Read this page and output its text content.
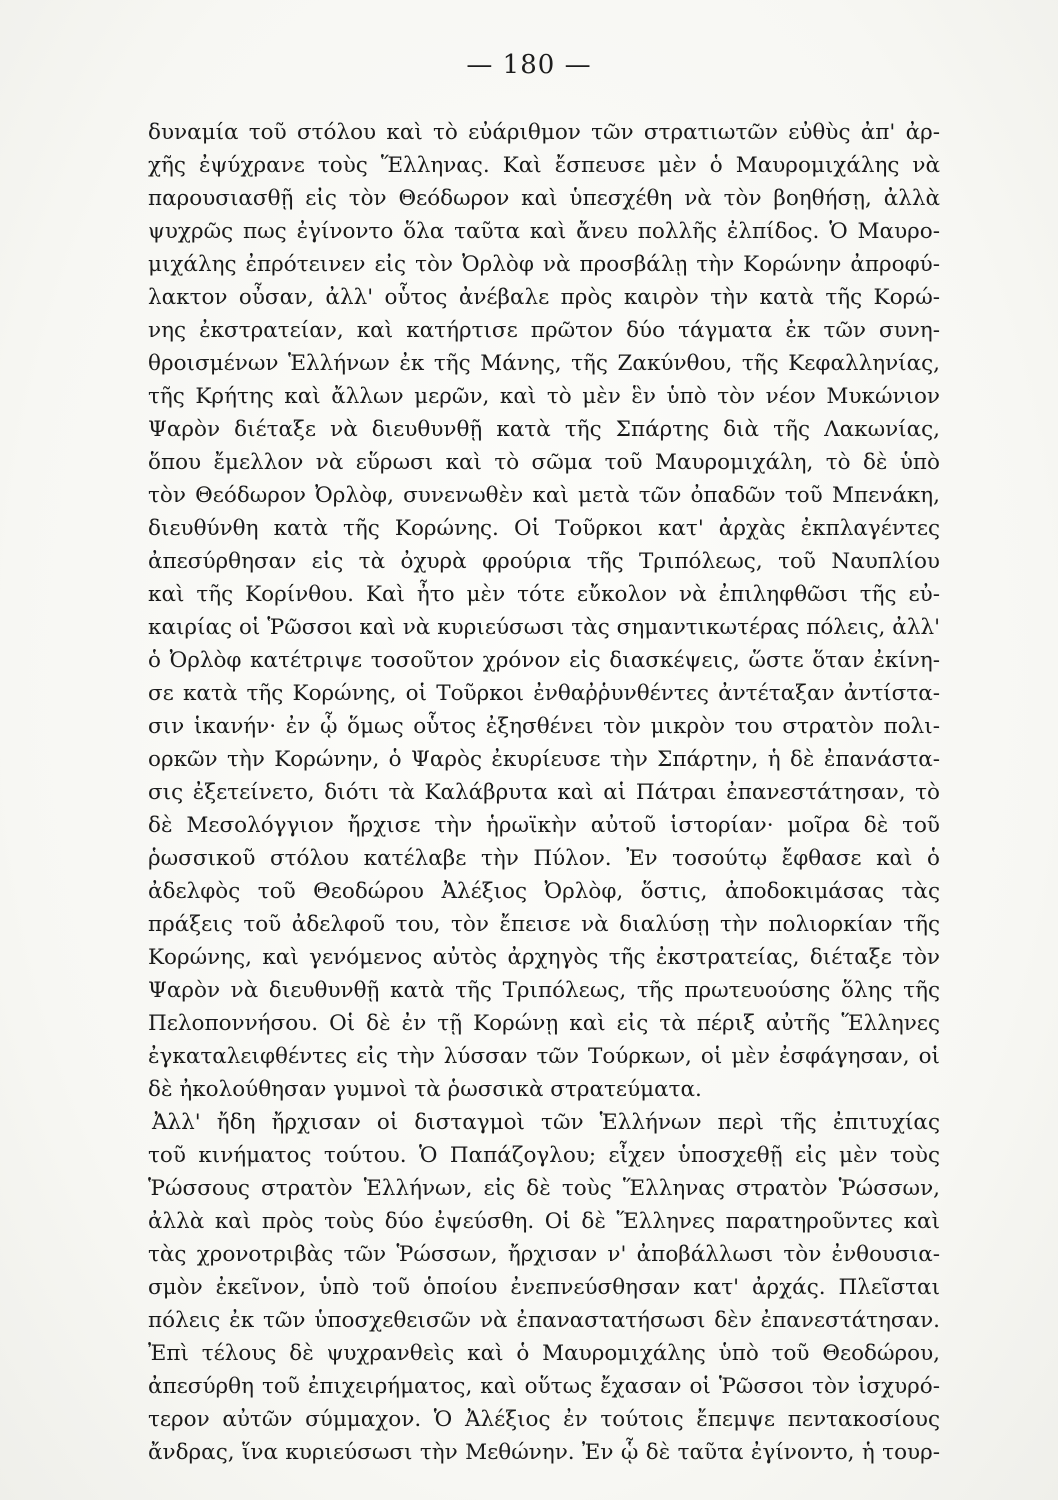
— 180 —
δυναμία τοῦ στόλου καὶ τὸ εὐάριθμον τῶν στρατιωτῶν εὐθὺς ἀπ' ἀρ-
χῆς ἐψύχρανε τοὺς Ἕλληνας. Καὶ ἔσπευσε μὲν ὁ Μαυρομιχάλης νὰ
παρουσιασθῇ εἰς τὸν Θεόδωρον καὶ ὑπεσχέθη νὰ τὸν βοηθήσῃ, ἀλλὰ
ψυχρῶς πως ἐγίνοντο ὅλα ταῦτα καὶ ἄνευ πολλῆς ἐλπίδος. Ὁ Μαυρο-
μιχάλης ἐπρότεινεν εἰς τὸν Ὀρλὸφ νὰ προσβάλῃ τὴν Κορώνην ἀπροφύ-
λακτον οὖσαν, ἀλλ' οὗτος ἀνέβαλε πρὸς καιρὸν τὴν κατὰ τῆς Κορώ-
νης ἐκστρατείαν, καὶ κατήρτισε πρῶτον δύο τάγματα ἐκ τῶν συνη-
θροισμένων Ἑλλήνων ἐκ τῆς Μάνης, τῆς Ζακύνθου, τῆς Κεφαλληνίας,
τῆς Κρήτης καὶ ἄλλων μερῶν, καὶ τὸ μὲν ἓν ὑπὸ τὸν νέον Μυκώνιον
Ψαρὸν διέταξε νὰ διευθυνθῇ κατὰ τῆς Σπάρτης διὰ τῆς Λακωνίας,
ὅπου ἔμελλον νὰ εὕρωσι καὶ τὸ σῶμα τοῦ Μαυρομιχάλη, τὸ δὲ ὑπὸ
τὸν Θεόδωρον Ὀρλὸφ, συνενωθὲν καὶ μετὰ τῶν ὀπαδῶν τοῦ Μπενάκη,
διευθύνθη κατὰ τῆς Κορώνης. Οἱ Τοῦρκοι κατ' ἀρχὰς ἐκπλαγέντες
ἀπεσύρθησαν εἰς τὰ ὀχυρὰ φρούρια τῆς Τριπόλεως, τοῦ Ναυπλίου
καὶ τῆς Κορίνθου. Καὶ ἦτο μὲν τότε εὔκολον νὰ ἐπιληφθῶσι τῆς εὐ-
καιρίας οἱ Ῥῶσσοι καὶ νὰ κυριεύσωσι τὰς σημαντικωτέρας πόλεις, ἀλλ'
ὁ Ὀρλὸφ κατέτριψε τοσοῦτον χρόνον εἰς διασκέψεις, ὥστε ὅταν ἐκίνη-
σε κατὰ τῆς Κορώνης, οἱ Τοῦρκοι ἐνθαῤῥυνθέντες ἀντέταξαν ἀντίστα-
σιν ἱκανήν· ἐν ᾧ ὅμως οὗτος ἐξησθένει τὸν μικρὸν του στρατὸν πολι-
ορκῶν τὴν Κορώνην, ὁ Ψαρὸς ἐκυρίευσε τὴν Σπάρτην, ἡ δὲ ἐπανάστα-
σις ἐξετείνετο, διότι τὰ Καλάβρυτα καὶ αἱ Πάτραι ἐπανεστάτησαν, τὸ
δὲ Μεσολόγγιον ἤρχισε τὴν ἡρωϊκὴν αὐτοῦ ἱστορίαν· μοῖρα δὲ τοῦ
ῥωσσικοῦ στόλου κατέλαβε τὴν Πύλον. Ἐν τοσούτῳ ἔφθασε καὶ ὁ
ἀδελφὸς τοῦ Θεοδώρου Ἀλέξιος Ὀρλὸφ, ὅστις, ἀποδοκιμάσας τὰς
πράξεις τοῦ ἀδελφοῦ του, τὸν ἔπεισε νὰ διαλύσῃ τὴν πολιορκίαν τῆς
Κορώνης, καὶ γενόμενος αὐτὸς ἀρχηγὸς τῆς ἐκστρατείας, διέταξε τὸν
Ψαρὸν νὰ διευθυνθῇ κατὰ τῆς Τριπόλεως, τῆς πρωτευούσης ὅλης τῆς
Πελοποννήσου. Οἱ δὲ ἐν τῇ Κορώνῃ καὶ εἰς τὰ πέριξ αὐτῆς Ἕλληνες
ἐγκαταλειφθέντες εἰς τὴν λύσσαν τῶν Τούρκων, οἱ μὲν ἐσφάγησαν, οἱ
δὲ ἠκολούθησαν γυμνοὶ τὰ ῥωσσικὰ στρατεύματα.
Ἀλλ' ἤδη ἤρχισαν οἱ δισταγμοὶ τῶν Ἑλλήνων περὶ τῆς ἐπιτυχίας
τοῦ κινήματος τούτου. Ὁ Παπάζογλου; εἶχεν ὑποσχεθῇ εἰς μὲν τοὺς
Ῥώσσους στρατὸν Ἑλλήνων, εἰς δὲ τοὺς Ἕλληνας στρατὸν Ῥώσσων,
ἀλλὰ καὶ πρὸς τοὺς δύο ἐψεύσθη. Οἱ δὲ Ἕλληνες παρατηροῦντες καὶ
τὰς χρονοτριβὰς τῶν Ῥώσσων, ἤρχισαν ν' ἀποβάλλωσι τὸν ἐνθουσια-
σμὸν ἐκεῖνον, ὑπὸ τοῦ ὁποίου ἐνεπνεύσθησαν κατ' ἀρχάς. Πλεῖσται
πόλεις ἐκ τῶν ὑποσχεθεισῶν νὰ ἐπαναστατήσωσι δὲν ἐπανεστάτησαν.
Ἐπὶ τέλους δὲ ψυχρανθεὶς καὶ ὁ Μαυρομιχάλης ὑπὸ τοῦ Θεοδώρου,
ἀπεσύρθη τοῦ ἐπιχειρήματος, καὶ οὕτως ἔχασαν οἱ Ῥῶσσοι τὸν ἰσχυρό-
τερον αὐτῶν σύμμαχον. Ὁ Ἀλέξιος ἐν τούτοις ἔπεμψε πεντακοσίους
ἄνδρας, ἵνα κυριεύσωσι τὴν Μεθώνην. Ἐν ᾧ δὲ ταῦτα ἐγίνοντο, ἡ τουρ-
